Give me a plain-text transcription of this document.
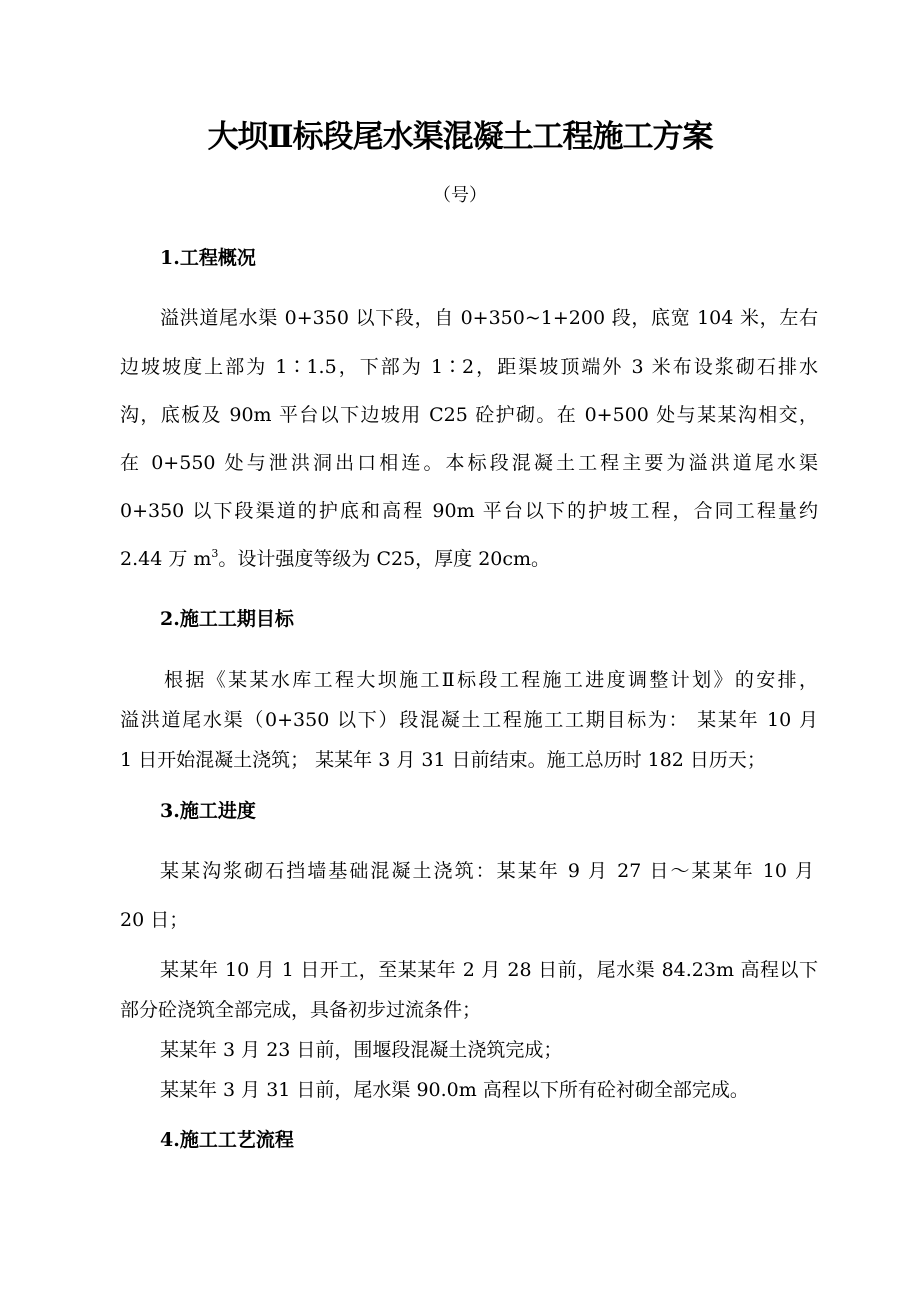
大坝Ⅱ标段尾水渠混凝土工程施工方案
（号）
1.工程概况
溢洪道尾水渠 0+350 以下段，自 0+350~1+200 段，底宽 104 米，左右
边坡坡度上部为 1∶1.5，下部为 1∶2，距渠坡顶端外 3 米布设浆砌石排水
沟，底板及 90m 平台以下边坡用 C25 砼护砌。在 0+500 处与某某沟相交，
在 0+550 处与泄洪洞出口相连。本标段混凝土工程主要为溢洪道尾水渠
0+350 以下段渠道的护底和高程 90m 平台以下的护坡工程，合同工程量约
2.44 万 $m^3$。设计强度等级为 C25，厚度 20cm。
2.施工工期目标
根据《某某水库工程大坝施工Ⅱ标段工程施工进度调整计划》的安排，
溢洪道尾水渠（0+350 以下）段混凝土工程施工工期目标为： 某某年 10 月
1 日开始混凝土浇筑； 某某年 3 月 31 日前结束。施工总历时 182 日历天；
3.施工进度
某某沟浆砌石挡墙基础混凝土浇筑：某某年 9 月 27 日～某某年 10 月
20 日；
某某年 10 月 1 日开工，至某某年 2 月 28 日前，尾水渠 84.23m 高程以下
部分砼浇筑全部完成，具备初步过流条件；
某某年 3 月 23 日前，围堰段混凝土浇筑完成；
某某年 3 月 31 日前，尾水渠 90.0m 高程以下所有砼衬砌全部完成。
4.施工工艺流程
